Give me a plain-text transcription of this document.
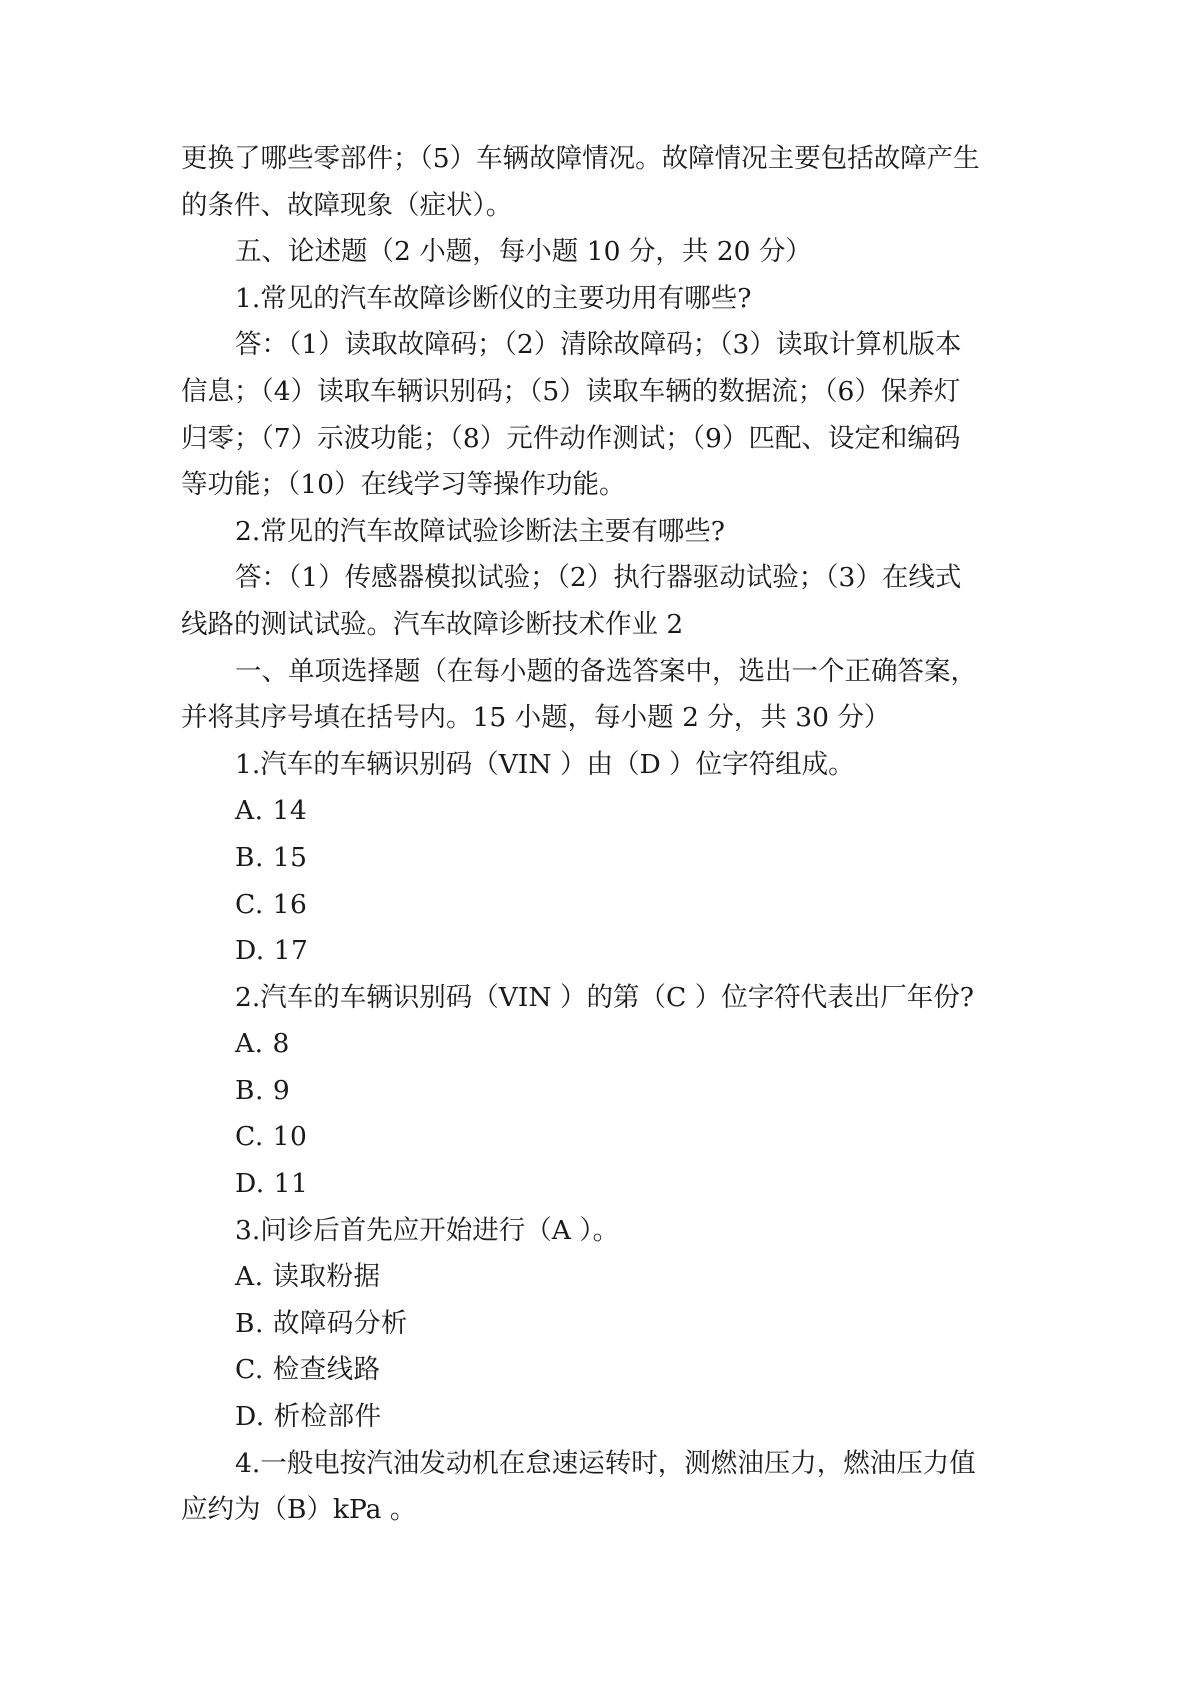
更换了哪些零部件；（5）车辆故障情况。故障情况主要包括故障产生
的条件、故障现象（症状）。
五、论述题（2 小题，每小题 10 分，共 20 分）
1.常见的汽车故障诊断仪的主要功用有哪些?
答：（1）读取故障码；（2）清除故障码；（3）读取计算机版本
信息；（4）读取车辆识别码；（5）读取车辆的数据流；（6）保养灯
归零；（7）示波功能；（8）元件动作测试；（9）匹配、设定和编码
等功能；（10）在线学习等操作功能。
2.常见的汽车故障试验诊断法主要有哪些?
答：（1）传感器模拟试验；（2）执行器驱动试验；（3）在线式
线路的测试试验。汽车故障诊断技术作业 2
一、单项选择题（在每小题的备选答案中，选出一个正确答案，
并将其序号填在括号内。15 小题，每小题 2 分，共 30 分）
1.汽车的车辆识别码（VIN ）由（D ）位字符组成。
A. 14
B. 15
C. 16
D. 17
2.汽车的车辆识别码（VIN ）的第（C ）位字符代表出厂年份?
A. 8
B. 9
C. 10
D. 11
3.问诊后首先应开始进行（A ）。
A. 读取粉据
B. 故障码分析
C. 检查线路
D. 析检部件
4.一般电按汽油发动机在怠速运转时，测燃油压力，燃油压力值
应约为（B）kPa 。
